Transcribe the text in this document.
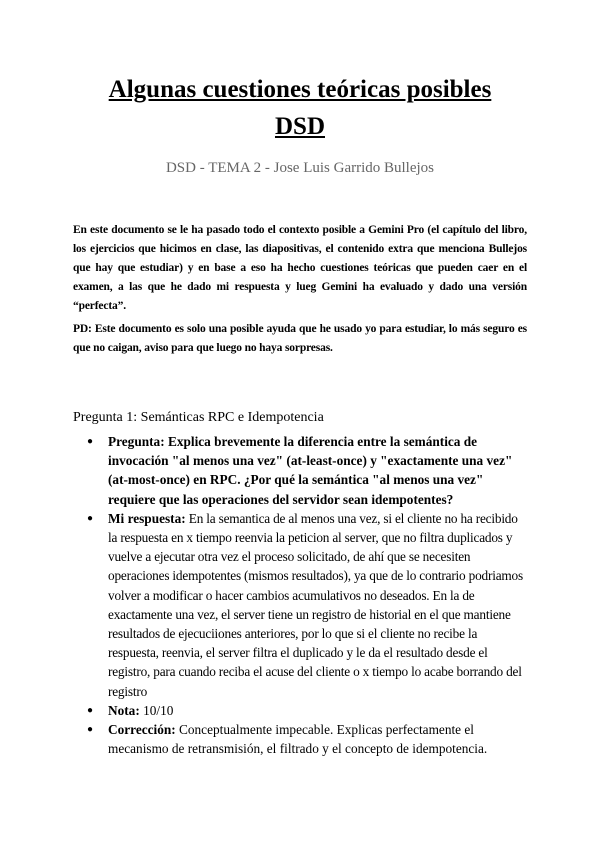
Algunas cuestiones teóricas posibles
DSD
DSD - TEMA 2 - Jose Luis Garrido Bullejos

En este documento se le ha pasado todo el contexto posible a Gemini Pro (el capítulo del libro, los ejercicios que hicimos en clase, las diapositivas, el contenido extra que menciona Bullejos que hay que estudiar) y en base a eso ha hecho cuestiones teóricas que pueden caer en el examen, a las que he dado mi respuesta y lueg Gemini ha evaluado y dado una versión “perfecta”.

PD: Este documento es solo una posible ayuda que he usado yo para estudiar, lo más seguro es que no caigan, aviso para que luego no haya sorpresas.

Pregunta 1: Semánticas RPC e Idempotencia
● Pregunta: Explica brevemente la diferencia entre la semántica de invocación "al menos una vez" (at-least-once) y "exactamente una vez" (at-most-once) en RPC. ¿Por qué la semántica "al menos una vez" requiere que las operaciones del servidor sean idempotentes?
● Mi respuesta: En la semantica de al menos una vez, si el cliente no ha recibido la respuesta en x tiempo reenvia la peticion al server, que no filtra duplicados y vuelve a ejecutar otra vez el proceso solicitado, de ahí que se necesiten operaciones idempotentes (mismos resultados), ya que de lo contrario podriamos volver a modificar o hacer cambios acumulativos no deseados. En la de exactamente una vez, el server tiene un registro de historial en el que mantiene resultados de ejecuciiones anteriores, por lo que si el cliente no recibe la respuesta, reenvia, el server filtra el duplicado y le da el resultado desde el registro, para cuando reciba el acuse del cliente o x tiempo lo acabe borrando del registro
● Nota: 10/10
● Corrección: Conceptualmente impecable. Explicas perfectamente el mecanismo de retransmisión, el filtrado y el concepto de idempotencia.
